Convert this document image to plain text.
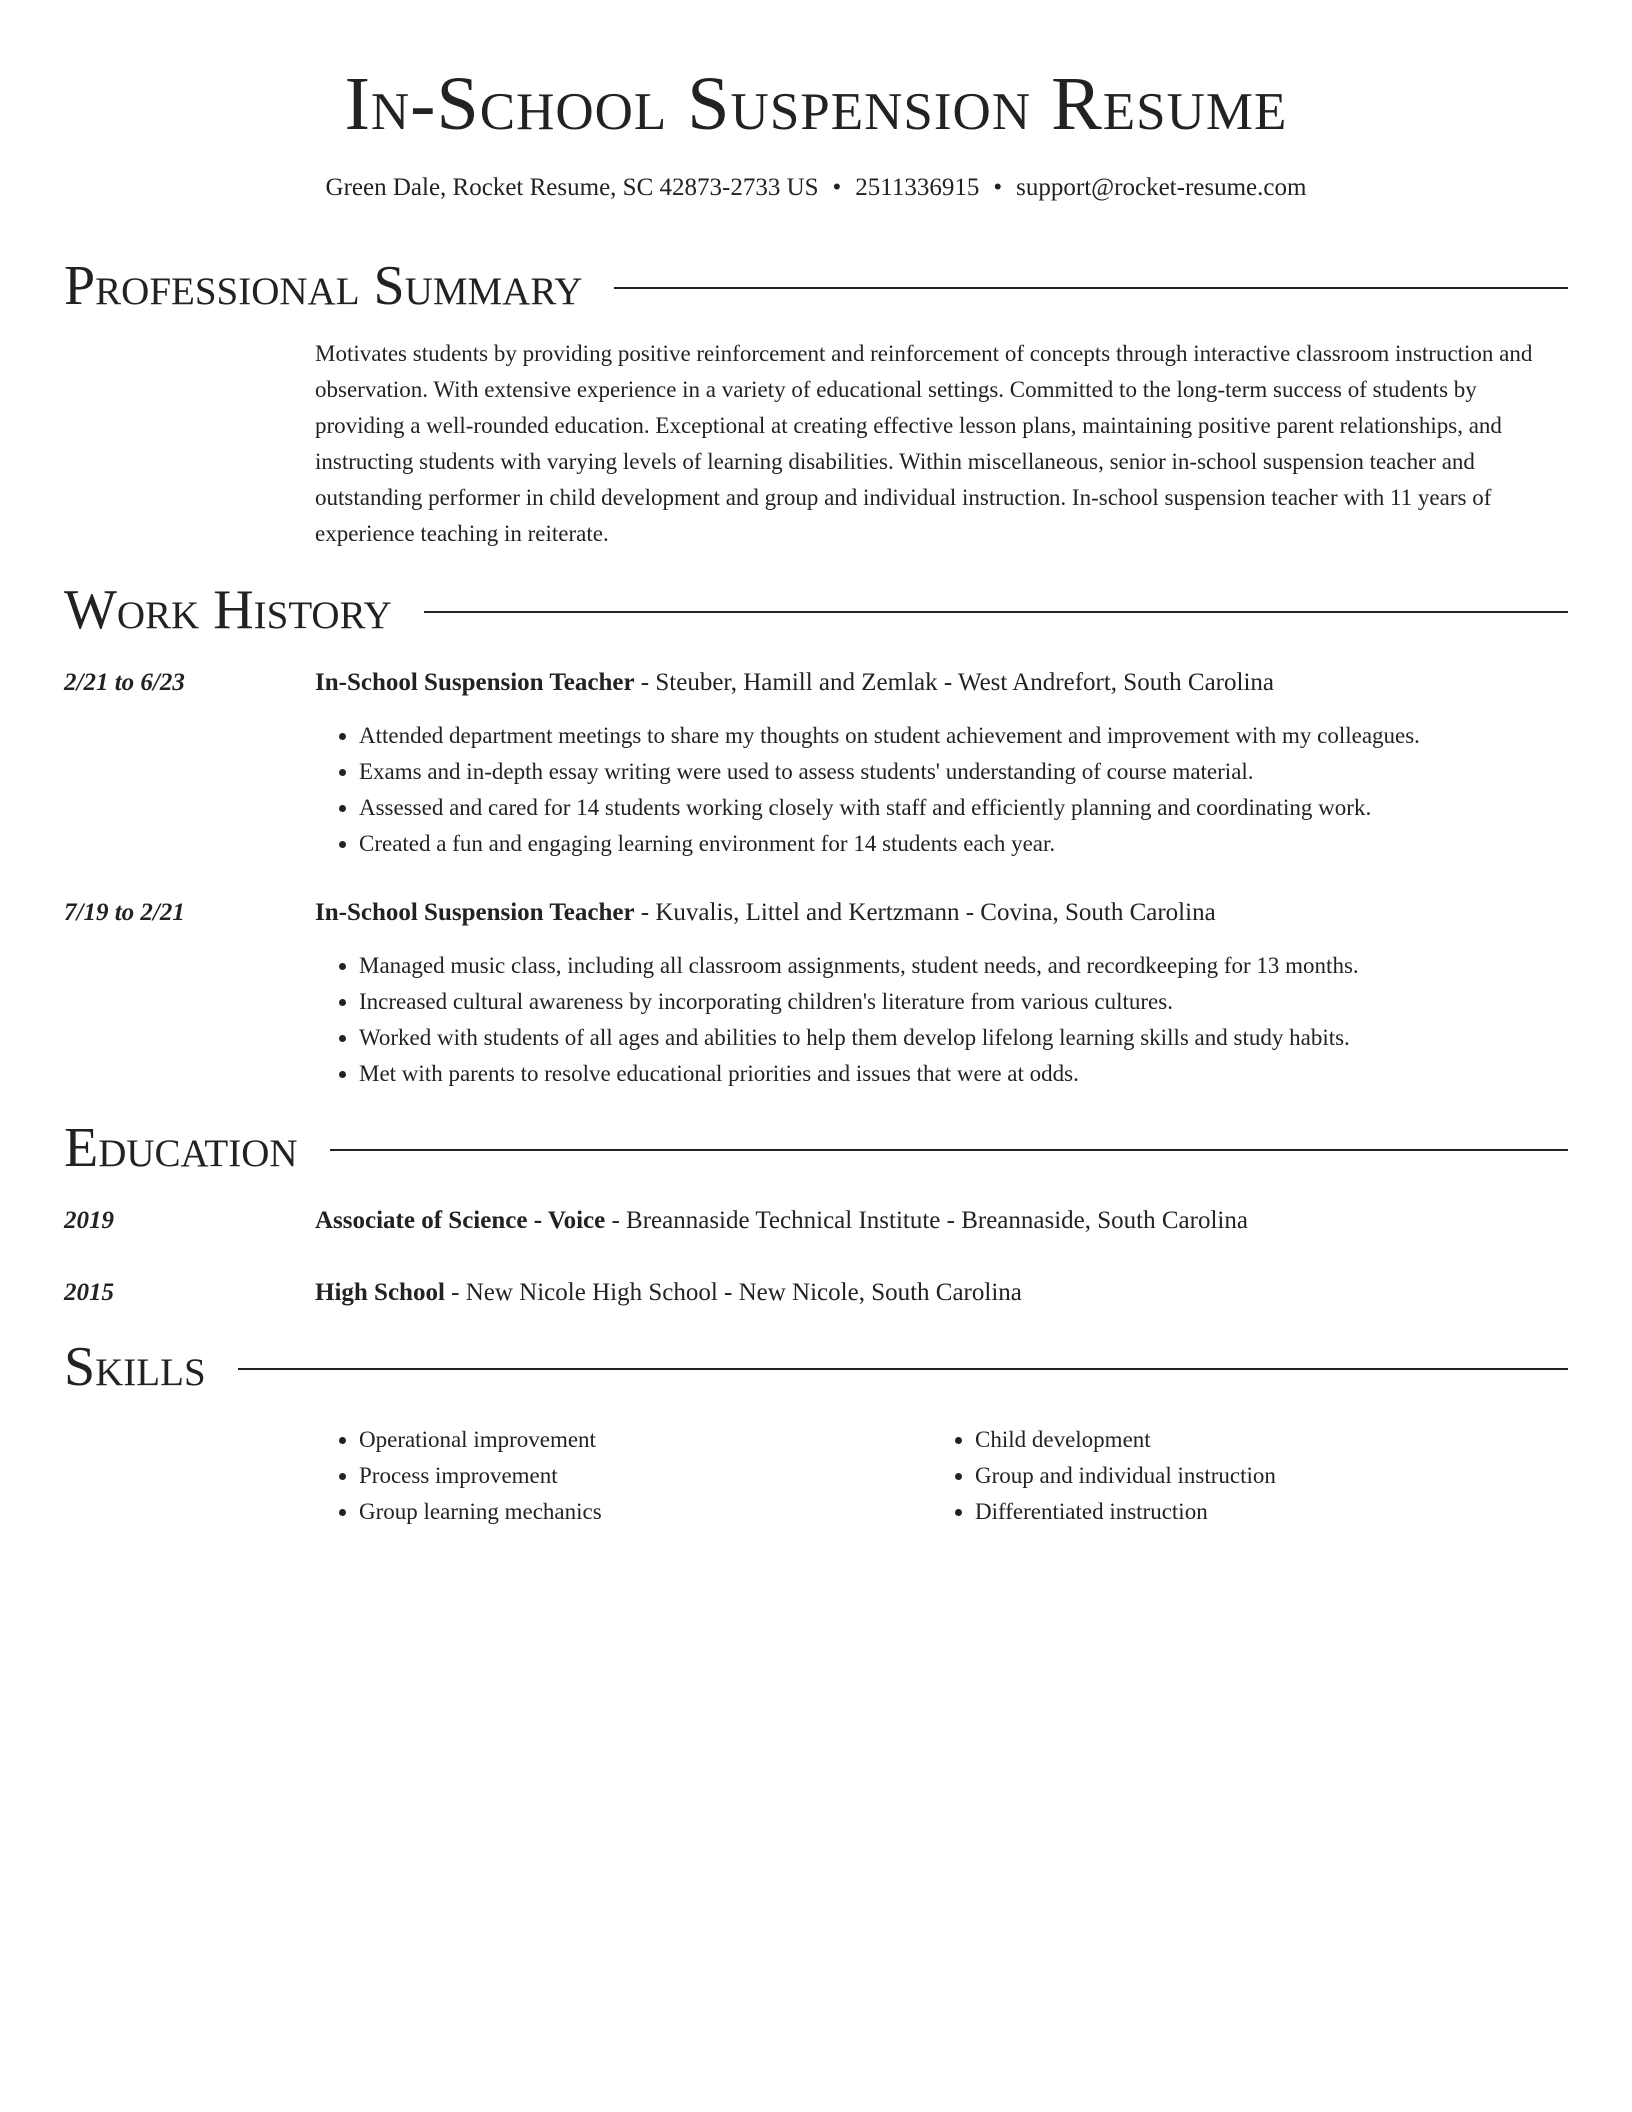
In-School Suspension Resume
Green Dale, Rocket Resume, SC 42873-2733 US • 2511336915 • support@rocket-resume.com
Professional Summary

Motivates students by providing positive reinforcement and reinforcement of concepts through interactive classroom instruction and observation. With extensive experience in a variety of educational settings. Committed to the long-term success of students by providing a well-rounded education. Exceptional at creating effective lesson plans, maintaining positive parent relationships, and instructing students with varying levels of learning disabilities. Within miscellaneous, senior in-school suspension teacher and outstanding performer in child development and group and individual instruction. In-school suspension teacher with 11 years of experience teaching in reiterate.

Work History
2/21 to 6/23	In-School Suspension Teacher - Steuber, Hamill and Zemlak - West Andrefort, South Carolina
• Attended department meetings to share my thoughts on student achievement and improvement with my colleagues.
• Exams and in-depth essay writing were used to assess students' understanding of course material.
• Assessed and cared for 14 students working closely with staff and efficiently planning and coordinating work.
• Created a fun and engaging learning environment for 14 students each year.
7/19 to 2/21	In-School Suspension Teacher - Kuvalis, Littel and Kertzmann - Covina, South Carolina
• Managed music class, including all classroom assignments, student needs, and recordkeeping for 13 months.
• Increased cultural awareness by incorporating children's literature from various cultures.
• Worked with students of all ages and abilities to help them develop lifelong learning skills and study habits.
• Met with parents to resolve educational priorities and issues that were at odds.
Education
2019	Associate of Science - Voice - Breannaside Technical Institute - Breannaside, South Carolina
2015	High School - New Nicole High School - New Nicole, South Carolina
Skills
• Operational improvement
• Process improvement
• Group learning mechanics
• Child development
• Group and individual instruction
• Differentiated instruction
